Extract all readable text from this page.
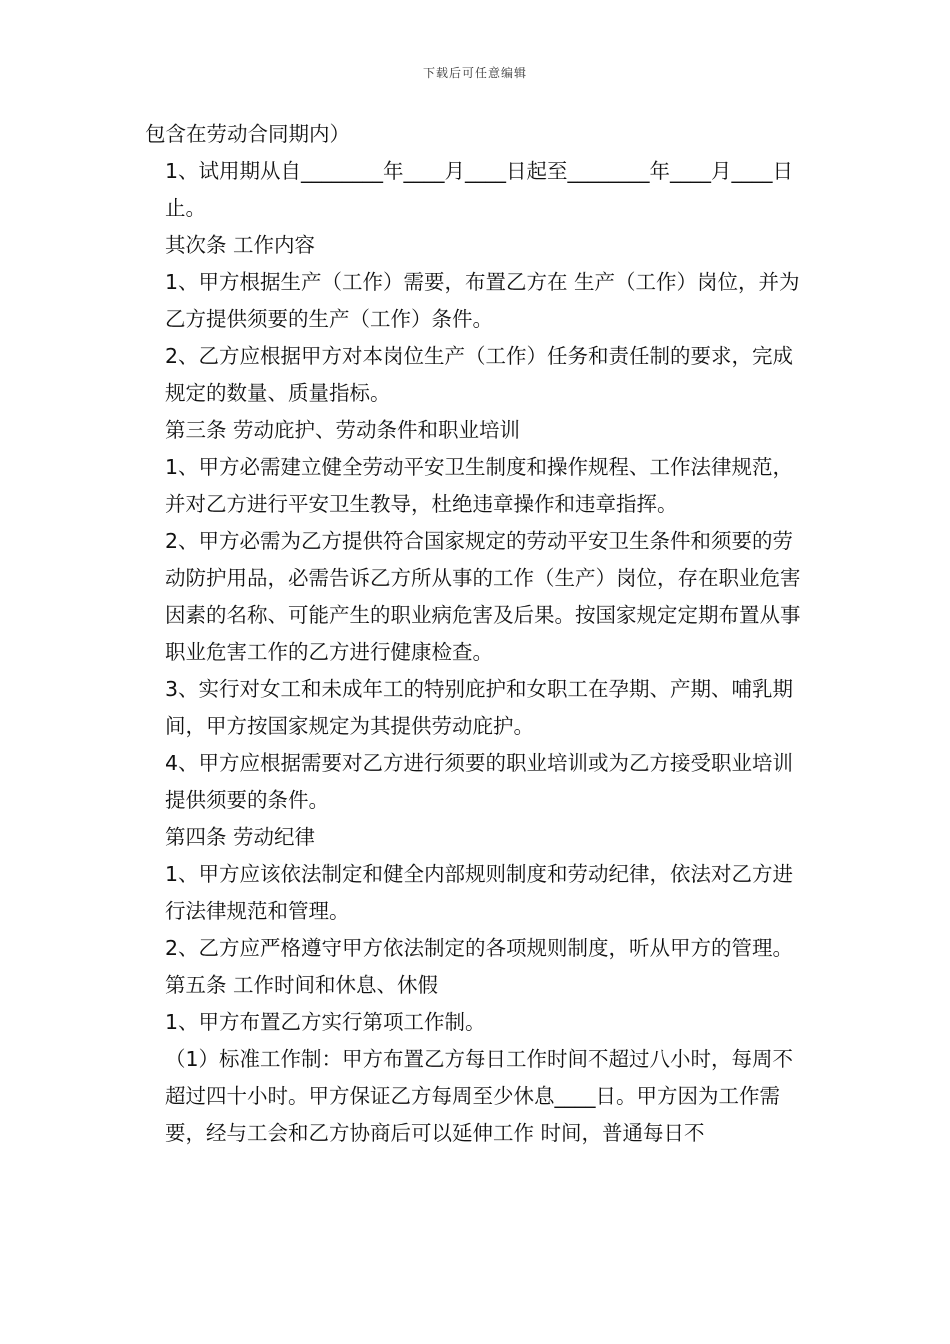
下载后可任意编辑

包含在劳动合同期内）

1、试用期从自________年____月____日起至________年____月____日止。

其次条 工作内容

1、甲方根据生产（工作）需要，布置乙方在 生产（工作）岗位，并为乙方提供须要的生产（工作）条件。

2、乙方应根据甲方对本岗位生产（工作）任务和责任制的要求，完成规定的数量、质量指标。

第三条 劳动庇护、劳动条件和职业培训

1、甲方必需建立健全劳动平安卫生制度和操作规程、工作法律规范，并对乙方进行平安卫生教导，杜绝违章操作和违章指挥。

2、甲方必需为乙方提供符合国家规定的劳动平安卫生条件和须要的劳动防护用品，必需告诉乙方所从事的工作（生产）岗位，存在职业危害因素的名称、可能产生的职业病危害及后果。按国家规定定期布置从事职业危害工作的乙方进行健康检查。

3、实行对女工和未成年工的特别庇护和女职工在孕期、产期、哺乳期间，甲方按国家规定为其提供劳动庇护。

4、甲方应根据需要对乙方进行须要的职业培训或为乙方接受职业培训提供须要的条件。

第四条 劳动纪律

1、甲方应该依法制定和健全内部规则制度和劳动纪律，依法对乙方进行法律规范和管理。

2、乙方应严格遵守甲方依法制定的各项规则制度，听从甲方的管理。

第五条 工作时间和休息、休假

1、甲方布置乙方实行第项工作制。

（1）标准工作制：甲方布置乙方每日工作时间不超过八小时，每周不超过四十小时。甲方保证乙方每周至少休息____日。甲方因为工作需要，经与工会和乙方协商后可以延伸工作 时间，普通每日不
